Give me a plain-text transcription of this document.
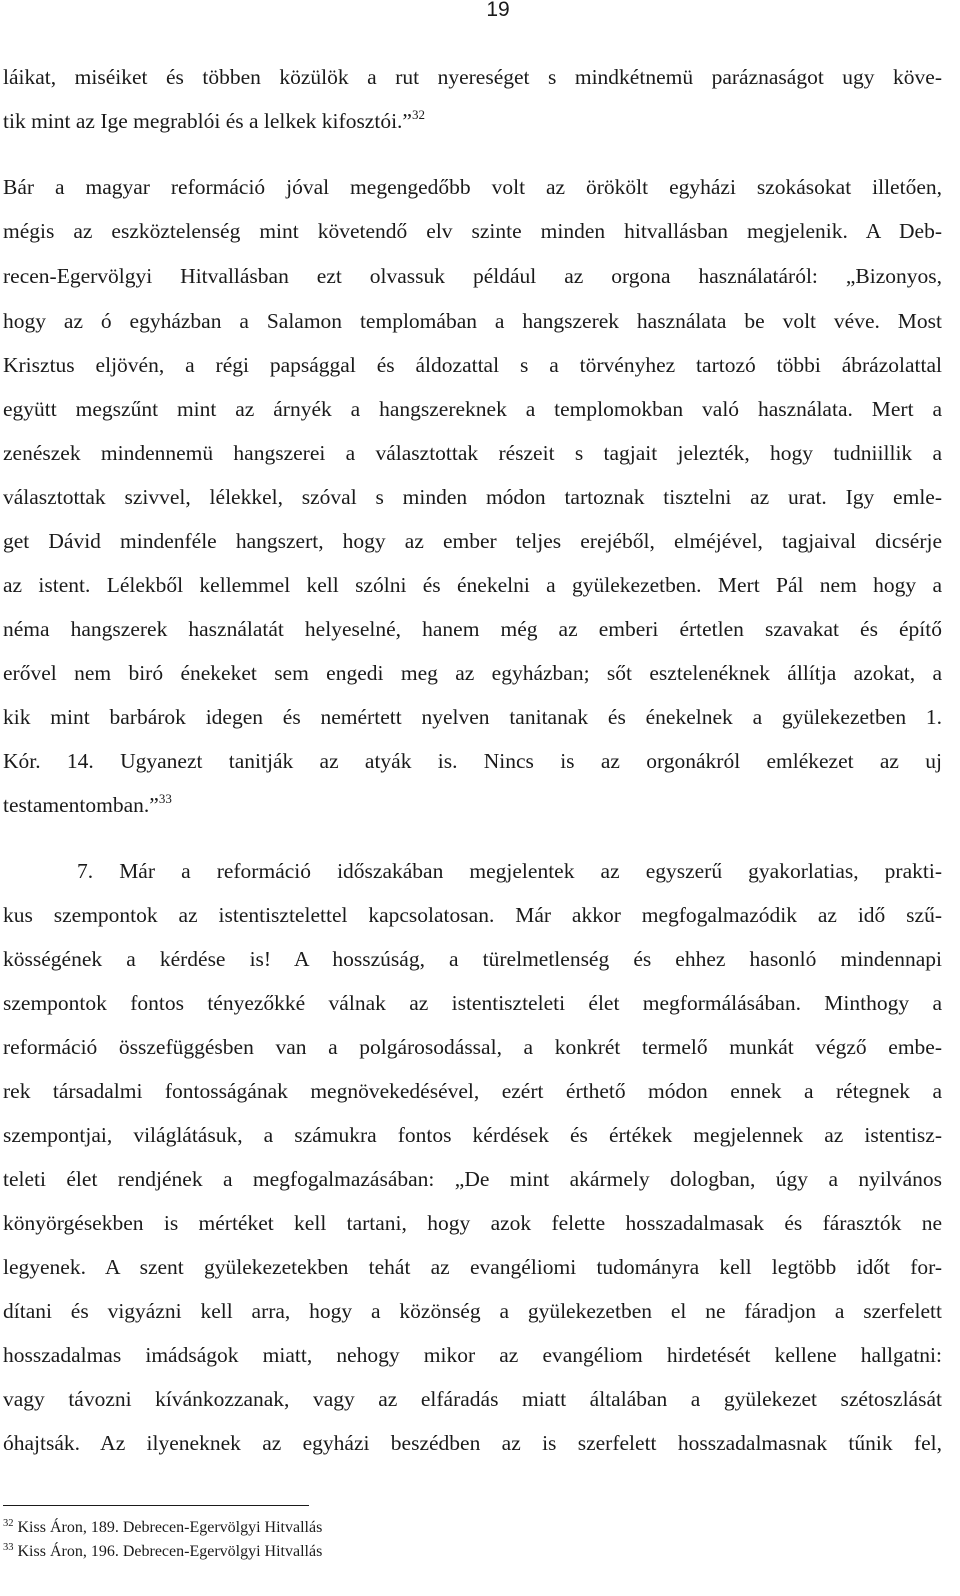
19
láikat, miséiket és többen közülök a rut nyereséget s mindkétnemü paráznaságot ugy köve-
tik mint az Ige megrablói és a lelkek kifosztói.”$^{32}$
Bár a magyar reformáció jóval megengedőbb volt az örökölt egyházi szokásokat illetően,
mégis az eszköztelenség mint követendő elv szinte minden hitvallásban megjelenik. A Deb-
recen-Egervölgyi Hitvallásban ezt olvassuk például az orgona használatáról: „Bizonyos,
hogy az ó egyházban a Salamon templomában a hangszerek használata be volt véve. Most
Krisztus eljövén, a régi papsággal és áldozattal s a törvényhez tartozó többi ábrázolattal
együtt megszűnt mint az árnyék a hangszereknek a templomokban való használata. Mert a
zenészek mindennemü hangszerei a választottak részeit s tagjait jelezték, hogy tudniillik a
választottak szivvel, lélekkel, szóval s minden módon tartoznak tisztelni az urat. Igy emle-
get Dávid mindenféle hangszert, hogy az ember teljes erejéből, elméjével, tagjaival dicsérje
az istent. Lélekből kellemmel kell szólni és énekelni a gyülekezetben. Mert Pál nem hogy a
néma hangszerek használatát helyeselné, hanem még az emberi értetlen szavakat és építő
erővel nem biró énekeket sem engedi meg az egyházban; sőt esztelenéknek állítja azokat, a
kik mint barbárok idegen és nemértett nyelven tanitanak és énekelnek a gyülekezetben 1.
Kór. 14. Ugyanezt tanitják az atyák is. Nincs is az orgonákról emlékezet az uj
testamentomban.”$^{33}$
7. Már a reformáció időszakában megjelentek az egyszerű gyakorlatias, prakti-
kus szempontok az istentisztelettel kapcsolatosan. Már akkor megfogalmazódik az idő szű-
kösségének a kérdése is! A hosszúság, a türelmetlenség és ehhez hasonló mindennapi
szempontok fontos tényezőkké válnak az istentiszteleti élet megformálásában. Minthogy a
reformáció összefüggésben van a polgárosodással, a konkrét termelő munkát végző embe-
rek társadalmi fontosságának megnövekedésével, ezért érthető módon ennek a rétegnek a
szempontjai, világlátásuk, a számukra fontos kérdések és értékek megjelennek az istentisz-
teleti élet rendjének a megfogalmazásában: „De mint akármely dologban, úgy a nyilvános
könyörgésekben is mértéket kell tartani, hogy azok felette hosszadalmasak és fárasztók ne
legyenek. A szent gyülekezetekben tehát az evangéliomi tudományra kell legtöbb időt for-
dítani és vigyázni kell arra, hogy a közönség a gyülekezetben el ne fáradjon a szerfelett
hosszadalmas imádságok miatt, nehogy mikor az evangéliom hirdetését kellene hallgatni:
vagy távozni kívánkozzanak, vagy az elfáradás miatt általában a gyülekezet szétoszlását
óhajtsák. Az ilyeneknek az egyházi beszédben az is szerfelett hosszadalmasnak tűnik fel,
$^{32}$ Kiss Áron, 189. Debrecen-Egervölgyi Hitvallás
$^{33}$ Kiss Áron, 196. Debrecen-Egervölgyi Hitvallás
